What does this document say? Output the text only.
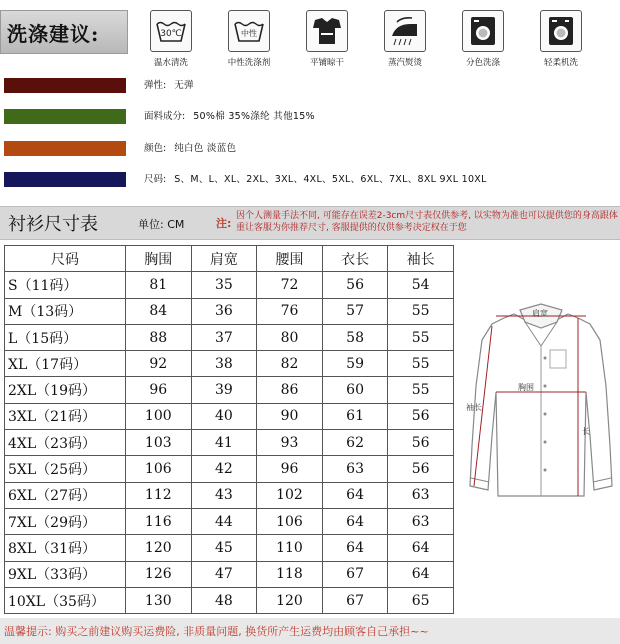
洗涤建议:	30℃
温水清洗
中性
中性洗涤剂	平铺晾干	蒸汽熨烫	分色洗涤	轻柔机洗
弹性: 无弹
面料成分: 50%棉 35%涤纶 其他15%
颜色: 纯白色 淡蓝色
尺码: S、M、L、XL、2XL、3XL、4XL、5XL、6XL、7XL、8XL 9XL 10XL
衬衫尺寸表	单位: CM	注:
因个人测量手法不同, 可能存在误差2-3cm尺寸表仅供参考, 以实物为准也可以提供您的身高跟体重让客服为你推荐尺寸, 客服提供的仅供参考决定权在于您
尺码	胸围	肩宽	腰围	衣长	袖长
S（11码）	81	35	72	56	54
M（13码）	84	36	76	57	55
L（15码）	88	37	80	58	55
XL（17码）	92	38	82	59	55
2XL（19码）	96	39	86	60	55
3XL（21码）	100	40	90	61	56
4XL（23码）	103	41	93	62	56
5XL（25码）	106	42	96	63	56
6XL（27码）	112	43	102	64	63
7XL（29码）	116	44	106	64	63
8XL（31码）	120	45	110	64	64
9XL（33码）	126	47	118	67	64
10XL（35码）	130	48	120	67	65
肩宽
胸围
袖长
长
温馨提示: 购买之前建议购买运费险, 非质量问题, 换货所产生运费均由顾客自己承担~~
